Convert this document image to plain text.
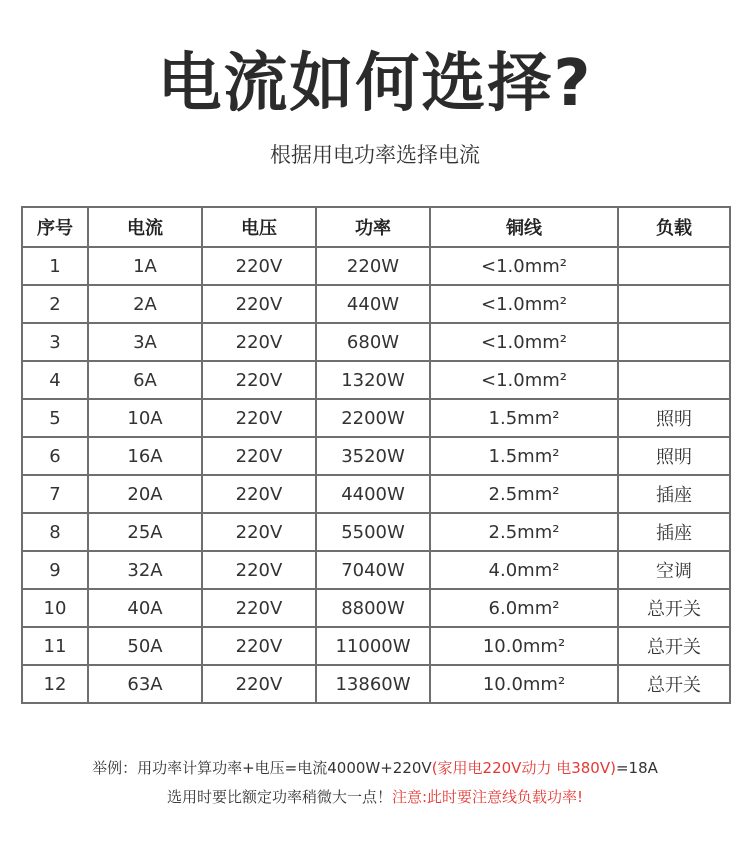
电流如何选择?
根据用电功率选择电流
序号	电流	电压	功率	铜线	负载
1	1A	220V	220W	<1.0mm²	
2	2A	220V	440W	<1.0mm²	
3	3A	220V	680W	<1.0mm²	
4	6A	220V	1320W	<1.0mm²	
5	10A	220V	2200W	1.5mm²	照明
6	16A	220V	3520W	1.5mm²	照明
7	20A	220V	4400W	2.5mm²	插座
8	25A	220V	5500W	2.5mm²	插座
9	32A	220V	7040W	4.0mm²	空调
10	40A	220V	8800W	6.0mm²	总开关
11	50A	220V	11000W	10.0mm²	总开关
12	63A	220V	13860W	10.0mm²	总开关
举例：用功率计算功率+电压=电流4000W+220V(家用电220V动力 电380V)=18A
选用时要比额定功率稍微大一点！注意:此时要注意线负载功率!
